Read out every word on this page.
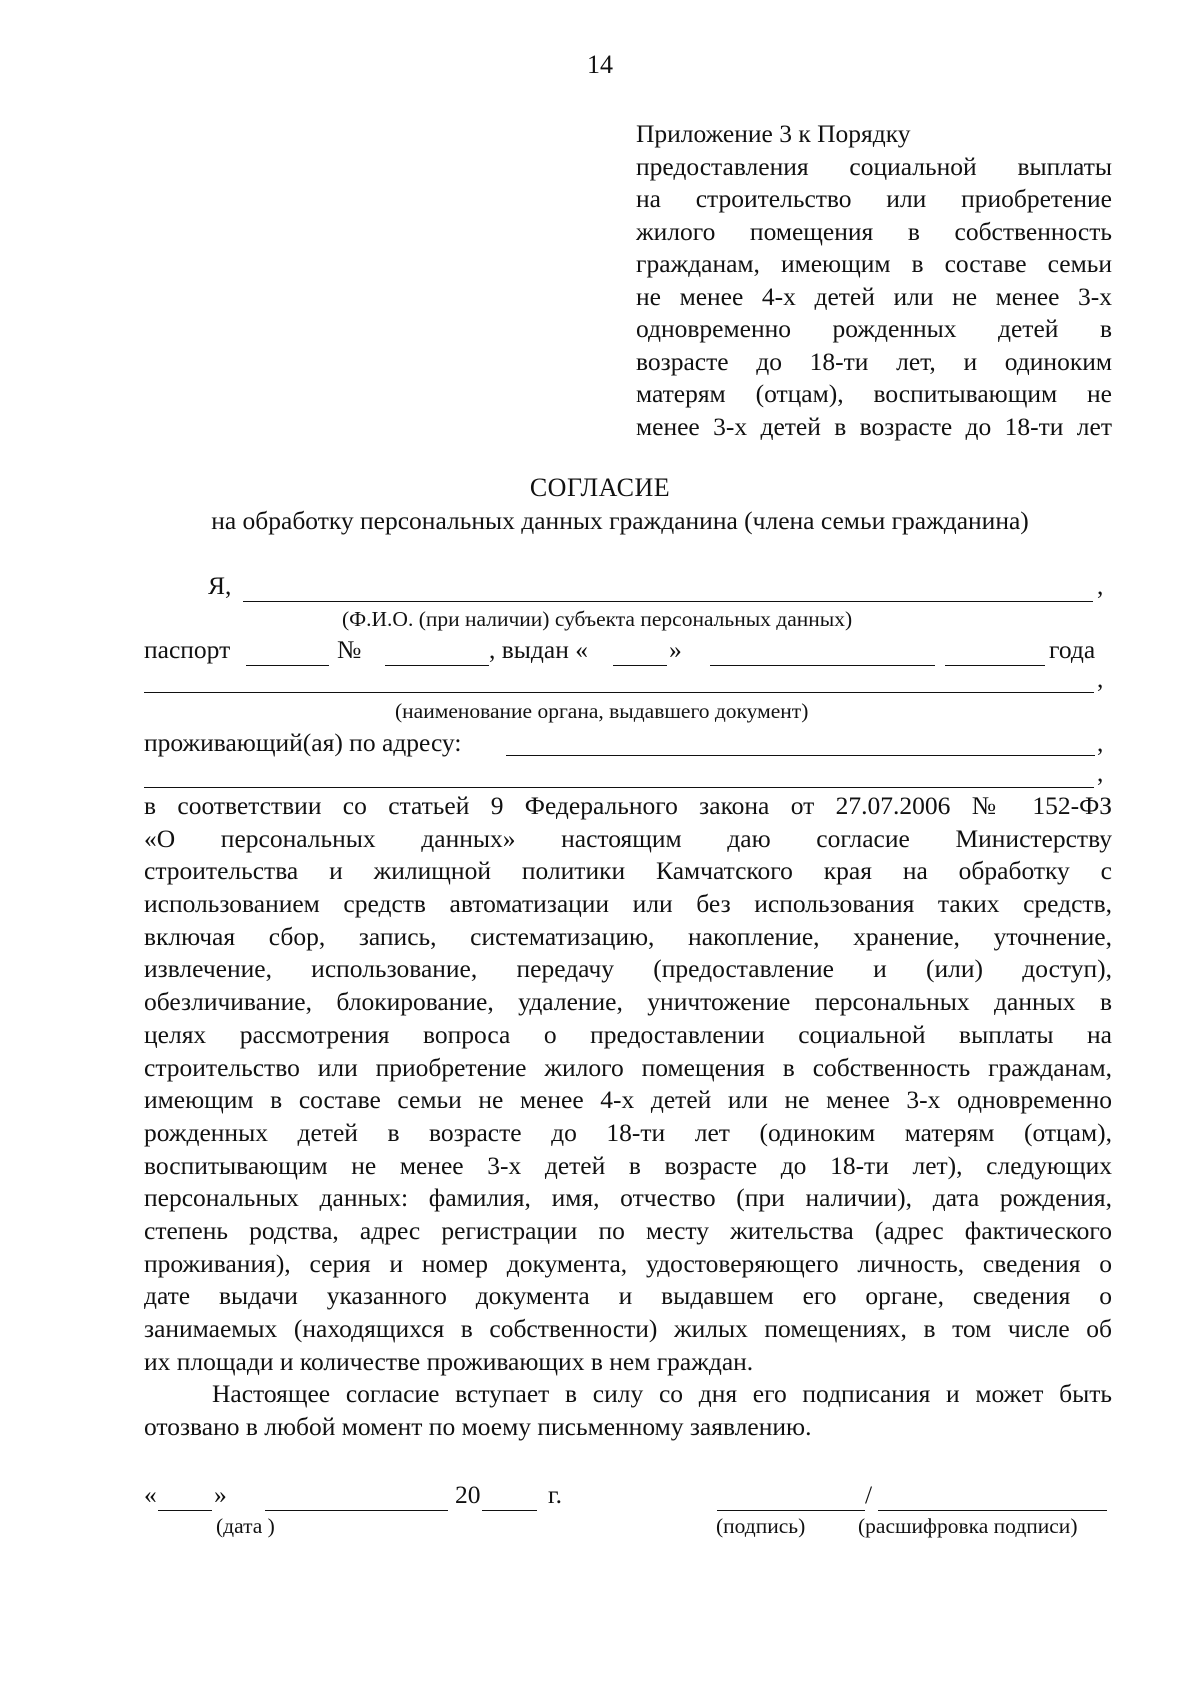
14
Приложение 3 к Порядку
предоставления социальной выплаты
на строительство или приобретение
жилого помещения в собственность
гражданам, имеющим в составе семьи
не менее 4-х детей или не менее 3-х
одновременно рожденных детей в
возрасте до 18-ти лет, и одиноким
матерям (отцам), воспитывающим не
менее 3-х детей в возрасте до 18-ти лет
СОГЛАСИЕ
на обработку персональных данных гражданина (члена семьи гражданина)
Я,	,
(Ф.И.О. (при наличии) субъекта персональных данных)
паспорт	№	, выдан «	»	года
,
(наименование органа, выдавшего документ)
проживающий(ая) по адресу:	,
,
в соответствии со статьей 9 Федерального закона от 27.07.2006 № 152-ФЗ
«О персональных данных» настоящим даю согласие Министерству
строительства и жилищной политики Камчатского края на обработку с
использованием средств автоматизации или без использования таких средств,
включая сбор, запись, систематизацию, накопление, хранение, уточнение,
извлечение, использование, передачу (предоставление и (или) доступ),
обезличивание, блокирование, удаление, уничтожение персональных данных в
целях рассмотрения вопроса о предоставлении социальной выплаты на
строительство или приобретение жилого помещения в собственность гражданам,
имеющим в составе семьи не менее 4-х детей или не менее 3-х одновременно
рожденных детей в возрасте до 18-ти лет (одиноким матерям (отцам),
воспитывающим не менее 3-х детей в возрасте до 18-ти лет), следующих
персональных данных: фамилия, имя, отчество (при наличии), дата рождения,
степень родства, адрес регистрации по месту жительства (адрес фактического
проживания), серия и номер документа, удостоверяющего личность, сведения о
дате выдачи указанного документа и выдавшем его органе, сведения о
занимаемых (находящихся в собственности) жилых помещениях, в том числе об
их площади и количестве проживающих в нем граждан.
Настоящее согласие вступает в силу со дня его подписания и может быть
отозвано в любой момент по моему письменному заявлению.
« »	20	г.
(дата )
/
(подпись) (расшифровка подписи)
